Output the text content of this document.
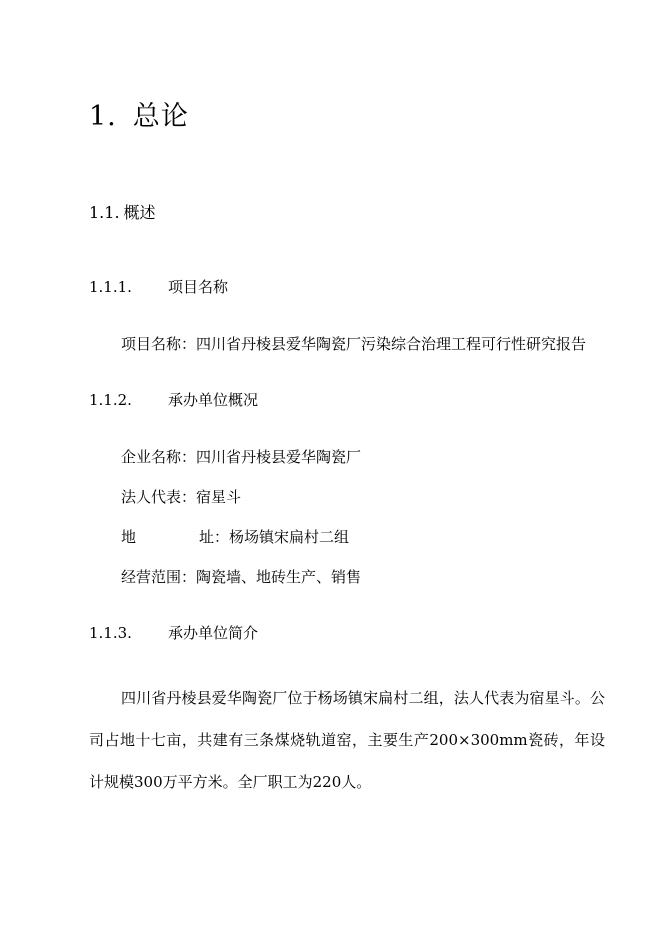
1. 总论
1.1. 概述
1.1.1. 项目名称
项目名称：四川省丹棱县爱华陶瓷厂污染综合治理工程可行性研究报告
1.1.2. 承办单位概况
企业名称：四川省丹棱县爱华陶瓷厂
法人代表：宿星斗
地	址：杨场镇宋扁村二组
经营范围：陶瓷墙、地砖生产、销售
1.1.3. 承办单位简介
四川省丹棱县爱华陶瓷厂位于杨场镇宋扁村二组，法人代表为宿星斗。公司占地十七亩，共建有三条煤烧轨道窑，主要生产200×300mm瓷砖，年设计规模300万平方米。全厂职工为220人。
